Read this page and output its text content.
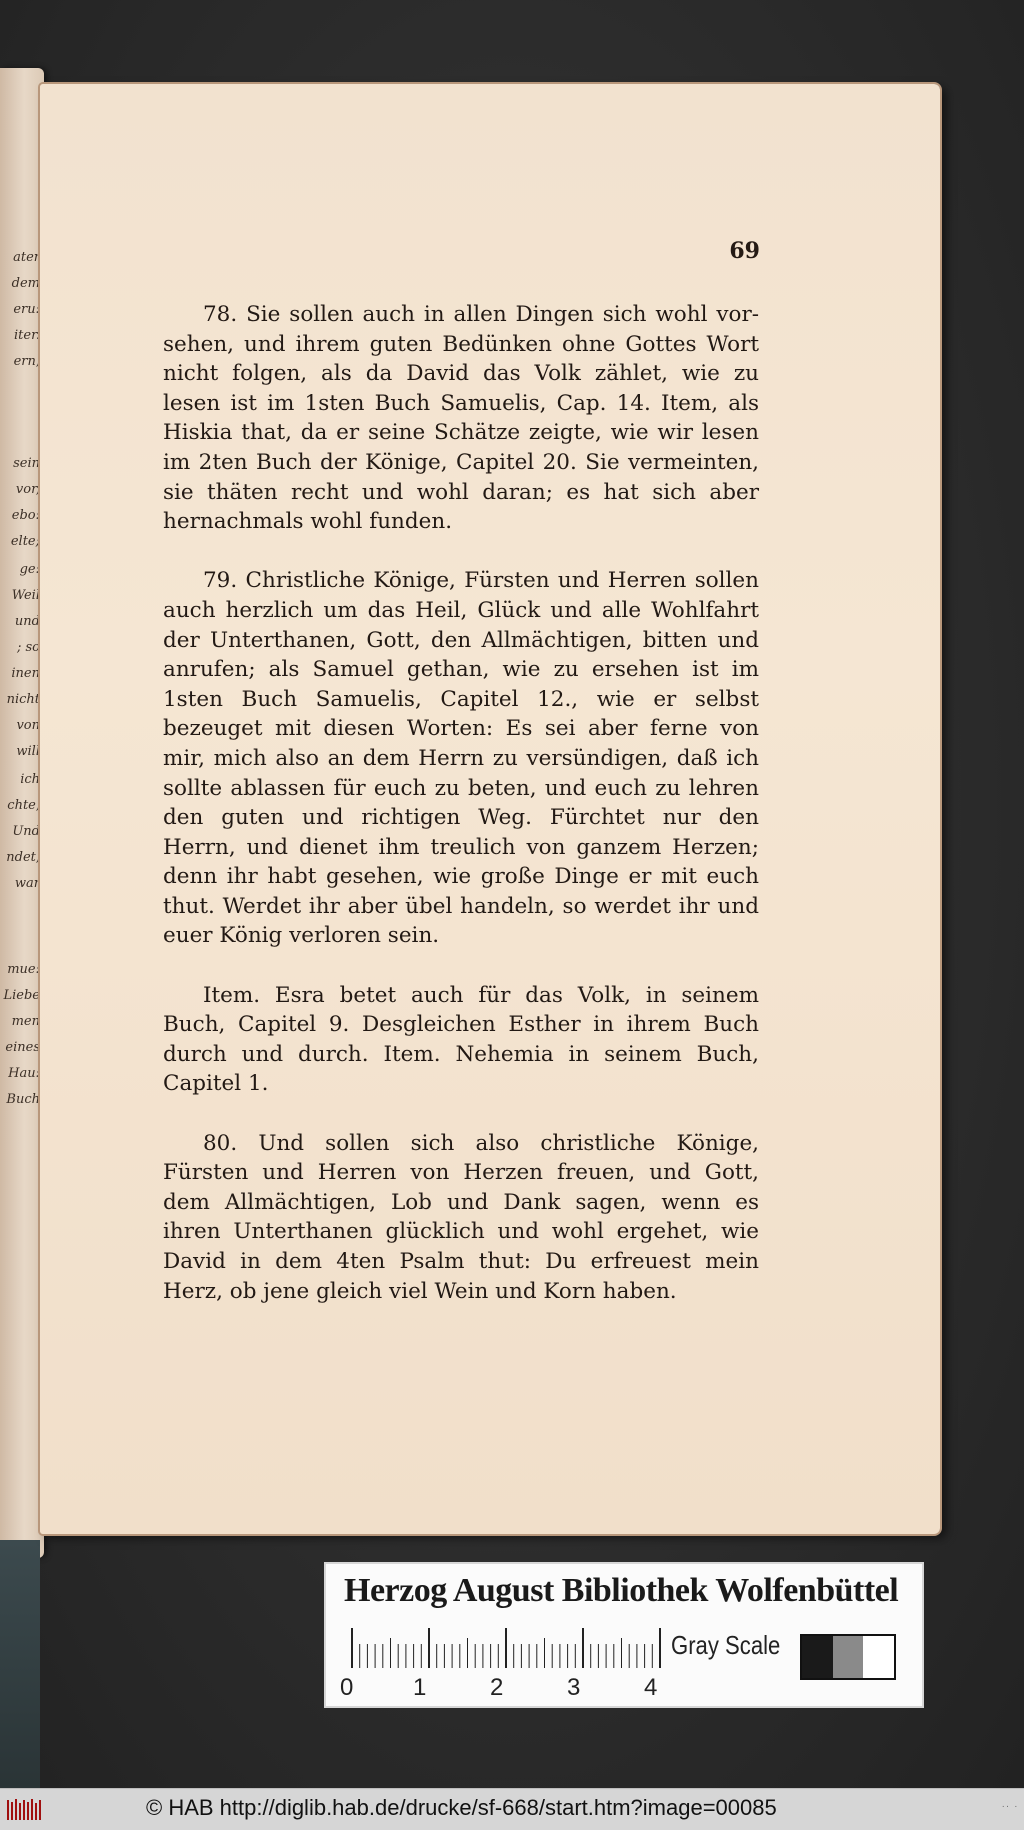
ater
dem
eru:
iter.
ern,
sein
vor,
ebo:
elte;
ge:
Weil
und
; so
inen
nicht
von
will
ich
chte,
Und
ndet,
war
mue:
Liebe
men
eines
Hau:
Buch
69

78. Sie sollen auch in allen Dingen sich wohl vorsehen, und ihrem guten Bedünken ohne Gottes Wort nicht folgen, als da David das Volk zählet, wie zu lesen ist im 1sten Buch Samuelis, Cap. 14. Item, als Hiskia that, da er seine Schätze zeigte, wie wir lesen im 2ten Buch der Könige, Capitel 20. Sie vermeinten, sie thäten recht und wohl daran; es hat sich aber hernachmals wohl funden.

79. Christliche Könige, Fürsten und Herren sollen auch herzlich um das Heil, Glück und alle Wohlfahrt der Unterthanen, Gott, den Allmächtigen, bitten und anrufen; als Samuel gethan, wie zu ersehen ist im 1sten Buch Samuelis, Capitel 12., wie er selbst bezeuget mit diesen Worten: Es sei aber ferne von mir, mich also an dem Herrn zu versündigen, daß ich sollte ablassen für euch zu beten, und euch zu lehren den guten und richtigen Weg. Fürchtet nur den Herrn, und dienet ihm treulich von ganzem Herzen; denn ihr habt gesehen, wie große Dinge er mit euch thut. Werdet ihr aber übel handeln, so werdet ihr und euer König verloren sein.

Item. Esra betet auch für das Volk, in seinem Buch, Capitel 9. Desgleichen Esther in ihrem Buch durch und durch. Item. Nehemia in seinem Buch, Capitel 1.

80. Und sollen sich also christliche Könige, Fürsten und Herren von Herzen freuen, und Gott, dem Allmächtigen, Lob und Dank sagen, wenn es ihren Unterthanen glücklich und wohl ergehet, wie David in dem 4ten Psalm thut: Du erfreuest mein Herz, ob jene gleich viel Wein und Korn haben.

Herzog August Bibliothek Wolfenbüttel
Gray Scale
0 1	2	3	4
© HAB http://diglib.hab.de/drucke/sf-668/start.htm?image=00085	·· ·
